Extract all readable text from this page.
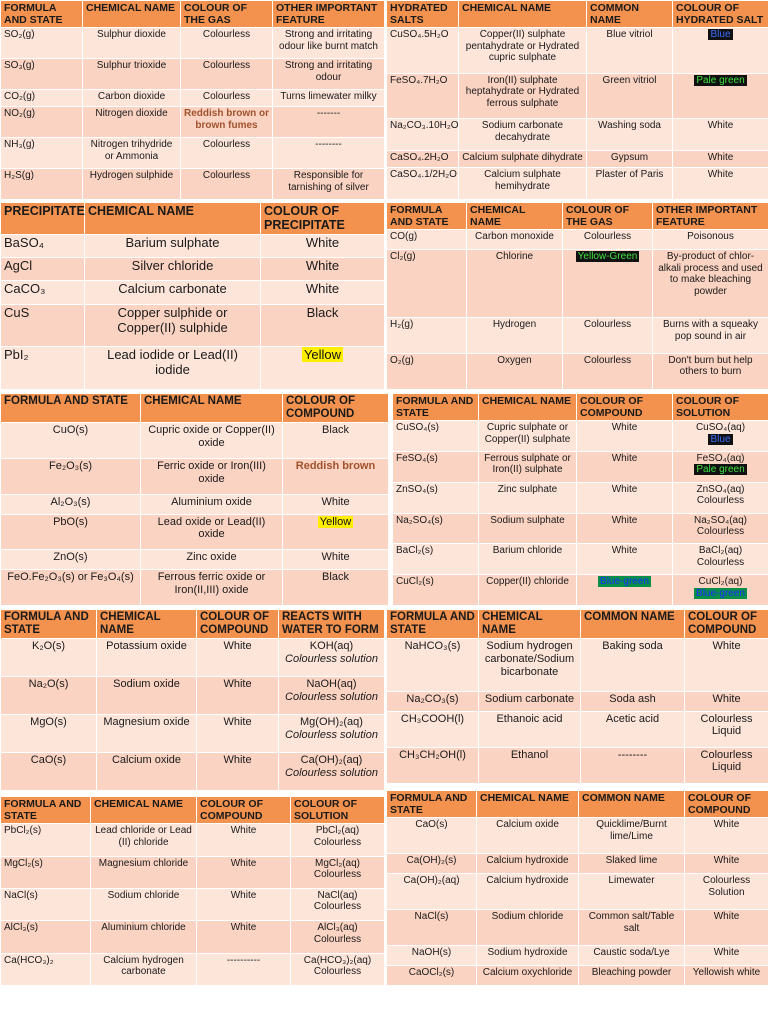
FORMULA AND STATE	CHEMICAL NAME	COLOUR OF THE GAS	OTHER IMPORTANT FEATURE
SO₂(g)	Sulphur dioxide	Colourless	Strong and irritating odour like burnt match
SO₃(g)	Sulphur trioxide	Colourless	Strong and irritating odour
CO₂(g)	Carbon dioxide	Colourless	Turns limewater milky
NO₂(g)	Nitrogen dioxide	Reddish brown or brown fumes	-------
NH₃(g)	Nitrogen trihydride or Ammonia	Colourless	--------
H₂S(g)	Hydrogen sulphide	Colourless	Responsible for tarnishing of silver
HYDRATED SALTS	CHEMICAL NAME	COMMON NAME	COLOUR OF HYDRATED SALT
CuSO₄.5H₂O	Copper(II) sulphate pentahydrate or Hydrated cupric sulphate	Blue vitriol	Blue
FeSO₄.7H₂O	Iron(II) sulphate heptahydrate or Hydrated ferrous sulphate	Green vitriol	Pale green
Na₂CO₃.10H₂O	Sodium carbonate decahydrate	Washing soda	White
CaSO₄.2H₂O	Calcium sulphate dihydrate	Gypsum	White
CaSO₄.1/2H₂O	Calcium sulphate hemihydrate	Plaster of Paris	White
PRECIPITATE	CHEMICAL NAME	COLOUR OF PRECIPITATE
BaSO₄	Barium sulphate	White
AgCl	Silver chloride	White
CaCO₃	Calcium carbonate	White
CuS	Copper sulphide or Copper(II) sulphide	Black
PbI₂	Lead iodide or Lead(II) iodide	Yellow
FORMULA AND STATE	CHEMICAL NAME	COLOUR OF THE GAS	OTHER IMPORTANT FEATURE
CO(g)	Carbon monoxide	Colourless	Poisonous
Cl₂(g)	Chlorine	Yellow-Green	By-product of chlor-alkali process and used to make bleaching powder
H₂(g)	Hydrogen	Colourless	Burns with a squeaky pop sound in air
O₂(g)	Oxygen	Colourless	Don't burn but help others to burn
FORMULA AND STATE	CHEMICAL NAME	COLOUR OF COMPOUND
CuO(s)	Cupric oxide or Copper(II) oxide	Black
Fe₂O₃(s)	Ferric oxide or Iron(III) oxide	Reddish brown
Al₂O₃(s)	Aluminium oxide	White
PbO(s)	Lead oxide or Lead(II) oxide	Yellow
ZnO(s)	Zinc oxide	White
FeO.Fe₂O₃(s) or Fe₃O₄(s)	Ferrous ferric oxide or Iron(II,III) oxide	Black
FORMULA AND STATE	CHEMICAL NAME	COLOUR OF COMPOUND	COLOUR OF SOLUTION
CuSO₄(s)	Cupric sulphate or Copper(II) sulphate	White	CuSO₄(aq)
Blue
FeSO₄(s)	Ferrous sulphate or Iron(II) sulphate	White	FeSO₄(aq)
Pale green
ZnSO₄(s)	Zinc sulphate	White	ZnSO₄(aq)
Colourless

Na₂SO₄(s)	Sodium sulphate	White	Na₂SO₄(aq)
Colourless

BaCl₂(s)	Barium chloride	White	BaCl₂(aq)
Colourless

CuCl₂(s)	Copper(II) chloride	Blue-green	CuCl₂(aq)
Blue-green
FORMULA AND STATE	CHEMICAL NAME	COLOUR OF COMPOUND	REACTS WITH WATER TO FORM
K₂O(s)	Potassium oxide	White	KOH(aq)
Colourless solution

Na₂O(s)	Sodium oxide	White	NaOH(aq)
Colourless solution

MgO(s)	Magnesium oxide	White	Mg(OH)₂(aq)
Colourless solution

CaO(s)	Calcium oxide	White	Ca(OH)₂(aq)
Colourless solution
FORMULA AND STATE	CHEMICAL NAME	COMMON NAME	COLOUR OF COMPOUND
NaHCO₃(s)	Sodium hydrogen carbonate/Sodium bicarbonate	Baking soda	White
Na₂CO₃(s)	Sodium carbonate	Soda ash	White
CH₃COOH(l)	Ethanoic acid	Acetic acid	Colourless Liquid
CH₃CH₂OH(l)	Ethanol	--------	Colourless Liquid
FORMULA AND STATE	CHEMICAL NAME	COLOUR OF COMPOUND	COLOUR OF SOLUTION
PbCl₂(s)	Lead chloride or Lead (II) chloride	White	PbCl₂(aq)
Colourless

MgCl₂(s)	Magnesium chloride	White	MgCl₂(aq)
Colourless

NaCl(s)	Sodium chloride	White	NaCl(aq)
Colourless

AlCl₃(s)	Aluminium chloride	White	AlCl₃(aq)
Colourless

Ca(HCO₃)₂	Calcium hydrogen carbonate	----------	Ca(HCO₃)₂(aq)
Colourless
FORMULA AND STATE	CHEMICAL NAME	COMMON NAME	COLOUR OF COMPOUND
CaO(s)	Calcium oxide	Quicklime/Burnt lime/Lime	White
Ca(OH)₂(s)	Calcium hydroxide	Slaked lime	White
Ca(OH)₂(aq)	Calcium hydroxide	Limewater	Colourless Solution
NaCl(s)	Sodium chloride	Common salt/Table salt	White
NaOH(s)	Sodium hydroxide	Caustic soda/Lye	White
CaOCl₂(s)	Calcium oxychloride	Bleaching powder	Yellowish white
